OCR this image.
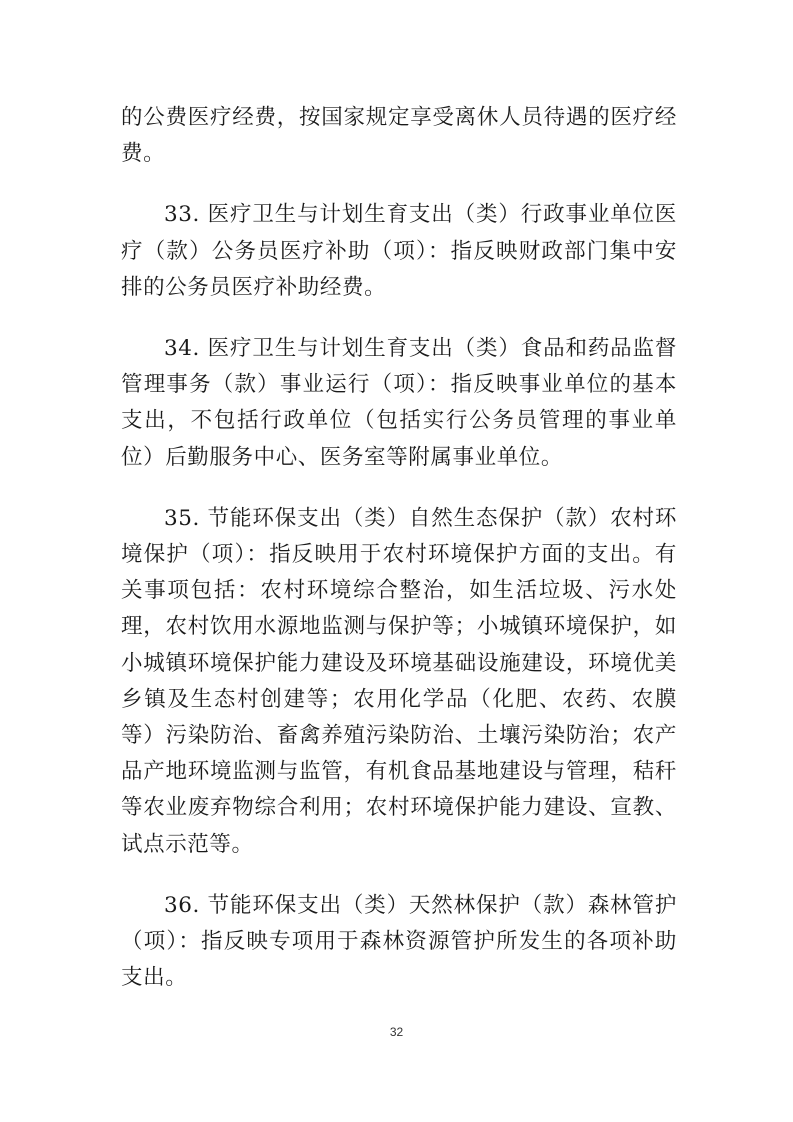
的公费医疗经费，按国家规定享受离休人员待遇的医疗经费。

33. 医疗卫生与计划生育支出（类）行政事业单位医疗（款）公务员医疗补助（项）：指反映财政部门集中安排的公务员医疗补助经费。

34. 医疗卫生与计划生育支出（类）食品和药品监督管理事务（款）事业运行（项）：指反映事业单位的基本支出，不包括行政单位（包括实行公务员管理的事业单位）后勤服务中心、医务室等附属事业单位。

35. 节能环保支出（类）自然生态保护（款）农村环境保护（项）：指反映用于农村环境保护方面的支出。有关事项包括：农村环境综合整治，如生活垃圾、污水处理，农村饮用水源地监测与保护等；小城镇环境保护，如小城镇环境保护能力建设及环境基础设施建设，环境优美乡镇及生态村创建等；农用化学品（化肥、农药、农膜等）污染防治、畜禽养殖污染防治、土壤污染防治；农产品产地环境监测与监管，有机食品基地建设与管理，秸秆等农业废弃物综合利用；农村环境保护能力建设、宣教、试点示范等。

36. 节能环保支出（类）天然林保护（款）森林管护（项）：指反映专项用于森林资源管护所发生的各项补助支出。

32
